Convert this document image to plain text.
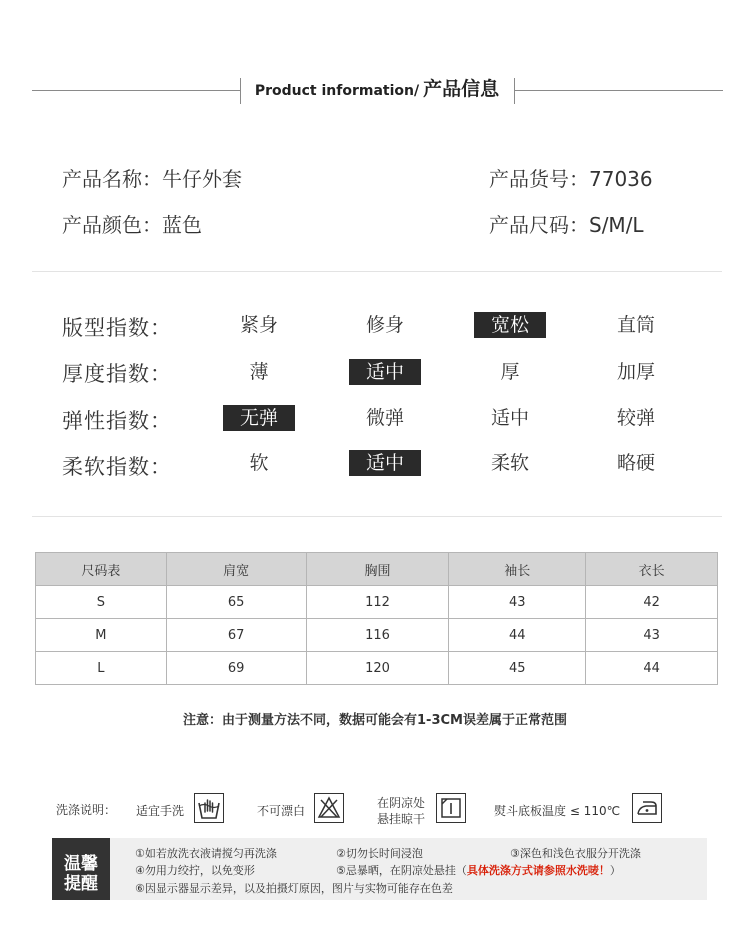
Product information/ 产品信息
产品名称：牛仔外套	产品货号：77036
产品颜色：蓝色	产品尺码：S/M/L
版型指数：	紧身	修身	宽松	直筒
厚度指数：	薄	适中	厚	加厚
弹性指数：	无弹	微弹	适中	较弹
柔软指数：	软	适中	柔软	略硬
尺码表	肩宽	胸围	袖长	衣长
S	65	112	43	42
M	67	116	44	43
L	69	120	45	44
注意：由于测量方法不同，数据可能会有1-3CM误差属于正常范围
洗涤说明： 适宜手洗	不可漂白
在阴凉处
悬挂晾干
熨斗底板温度 ≤ 110℃
温馨
提醒
①如若放洗衣液请搅匀再洗涤	②切勿长时间浸泡	③深色和浅色衣服分开洗涤
④勿用力绞拧，以免变形	⑤忌暴晒，在阴凉处悬挂（具体洗涤方式请参照水洗唛！）
⑥因显示器显示差异，以及拍摄灯原因，图片与实物可能存在色差
